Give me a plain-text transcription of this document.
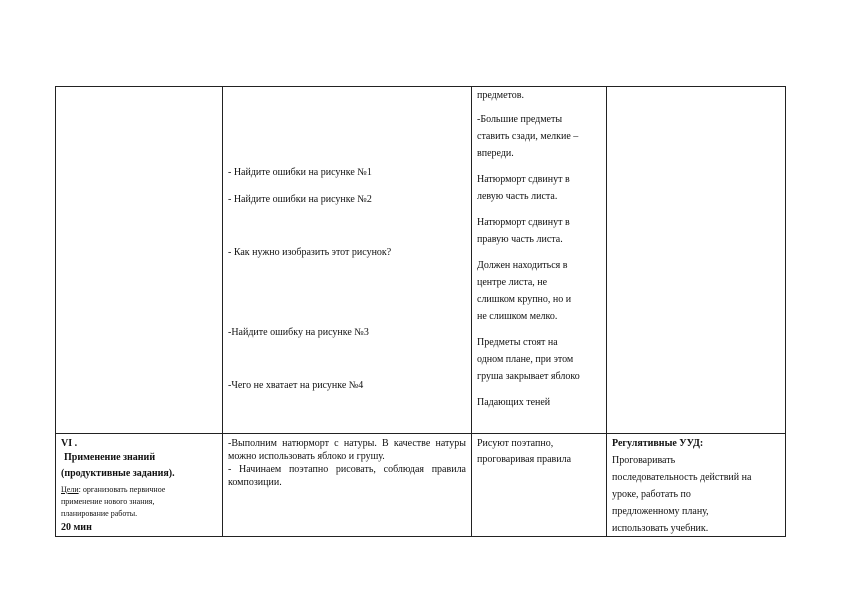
- Найдите ошибки на рисунке №1
- Найдите ошибки на рисунке №2
- Как нужно изобразить этот рисунок?
-Найдите ошибку на рисунке №3
-Чего не хватает на рисунке №4
предметов.
-Большие предметы
ставить сзади, мелкие –
впереди.
Натюрморт сдвинут в
левую часть листа.
Натюрморт сдвинут в
правую часть листа.
Должен находиться в
центре листа, не
слишком крупно, но и
не слишком мелко.
Предметы стоят на
одном плане, при этом
груша закрывает яблоко
Падающих теней
VI .
Применение знаний
(продуктивные задания).
Цели: организовать первичное
применение нового знания,
планирование работы.
20 мин
-Выполним натюрморт с натуры. В качестве натуры можно использовать яблоко и грушу.
- Начинаем поэтапно рисовать, соблюдая правила композиции.
Рисуют поэтапно,
проговаривая правила
Регулятивные УУД:
Проговаривать
последовательность действий на
уроке, работать по
предложенному плану,
использовать учебник.
